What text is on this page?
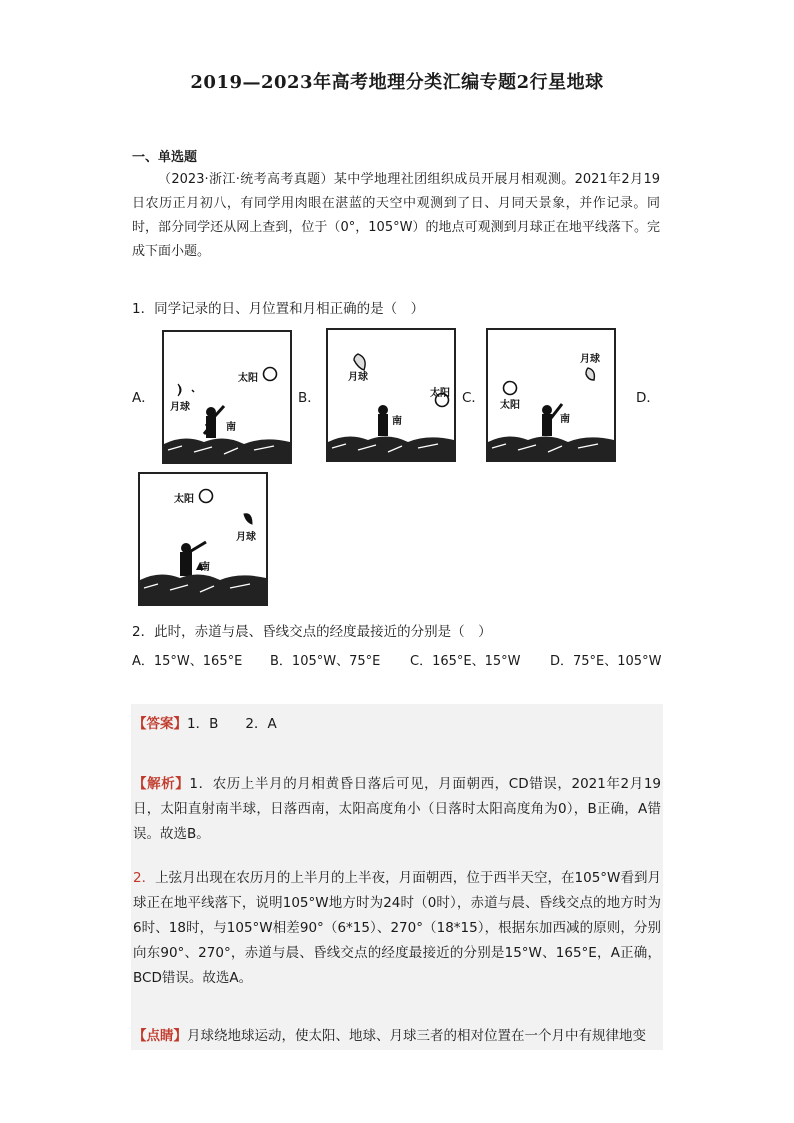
2019—2023年高考地理分类汇编专题2行星地球
一、单选题
（2023·浙江·统考高考真题）某中学地理社团组织成员开展月相观测。2021年2月19日农历正月初八，有同学用肉眼在湛蓝的天空中观测到了日、月同天景象，并作记录。同时，部分同学还从网上查到，位于（0°，105°W）的地点可观测到月球正在地平线落下。完成下面小题。
1．同学记录的日、月位置和月相正确的是（　）
A．	B．	C．	D．
太阳
月球
南
月球
太阳
南
月球
太阳
南
太阳
月球
南
2．此时，赤道与晨、昏线交点的经度最接近的分别是（　）
A．15°W、165°E B．105°W、75°E C．165°E、15°W D．75°E、105°W
【答案】1．B　　2．A
【解析】1．农历上半月的月相黄昏日落后可见，月面朝西，CD错误，2021年2月19日，太阳直射南半球，日落西南，太阳高度角小（日落时太阳高度角为0），B正确，A错误。故选B。
2．上弦月出现在农历月的上半月的上半夜，月面朝西，位于西半天空，在105°W看到月球正在地平线落下，说明105°W地方时为24时（0时），赤道与晨、昏线交点的地方时为6时、18时，与105°W相差90°（6*15）、270°（18*15），根据东加西减的原则，分别向东90°、270°，赤道与晨、昏线交点的经度最接近的分别是15°W、165°E，A正确，BCD错误。故选A。
【点睛】月球绕地球运动，使太阳、地球、月球三者的相对位置在一个月中有规律地变
